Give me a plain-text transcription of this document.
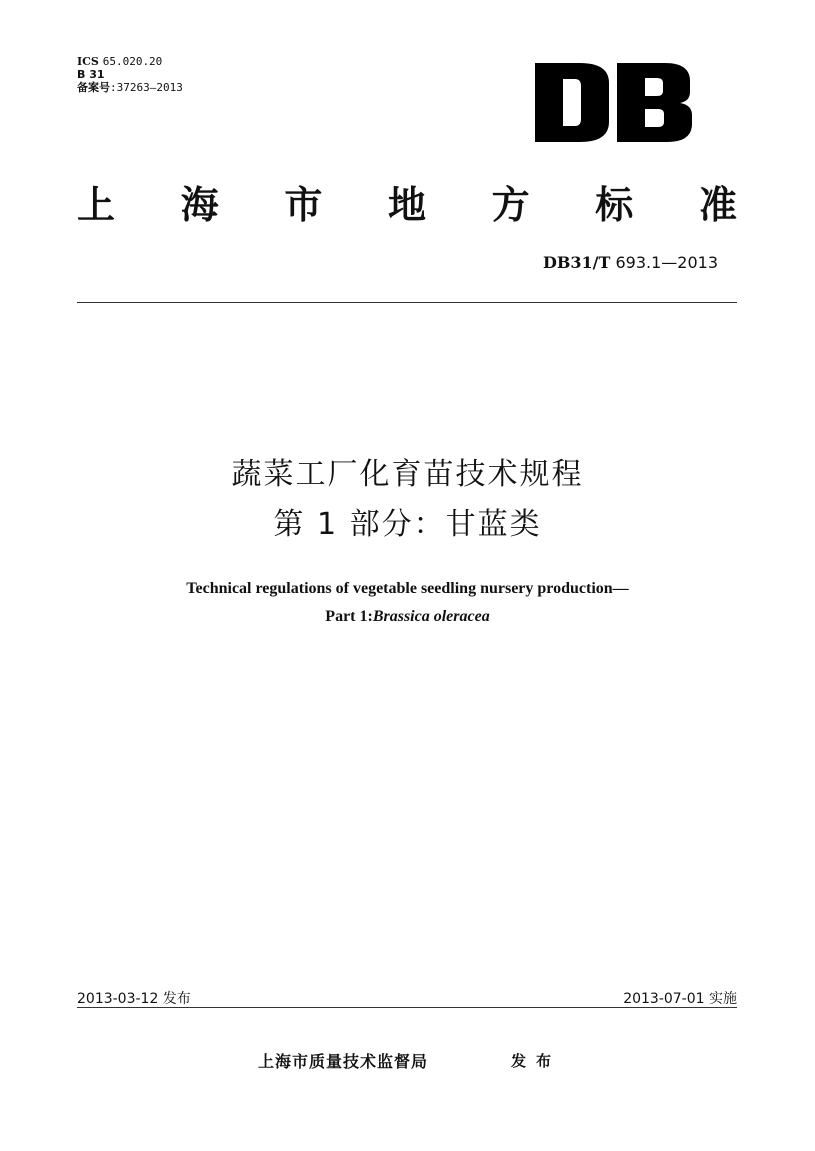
ICS 65.020.20
B 31
备案号:37263—2013
上 海 市 地 方 标 准
DB31/T 693.1—2013
蔬菜工厂化育苗技术规程
第 1 部分：甘蓝类
Technical regulations of vegetable seedling nursery production—
Part 1:Brassica oleracea
2013-03-12 发布	2013-07-01 实施
上海市质量技术监督局	发布
